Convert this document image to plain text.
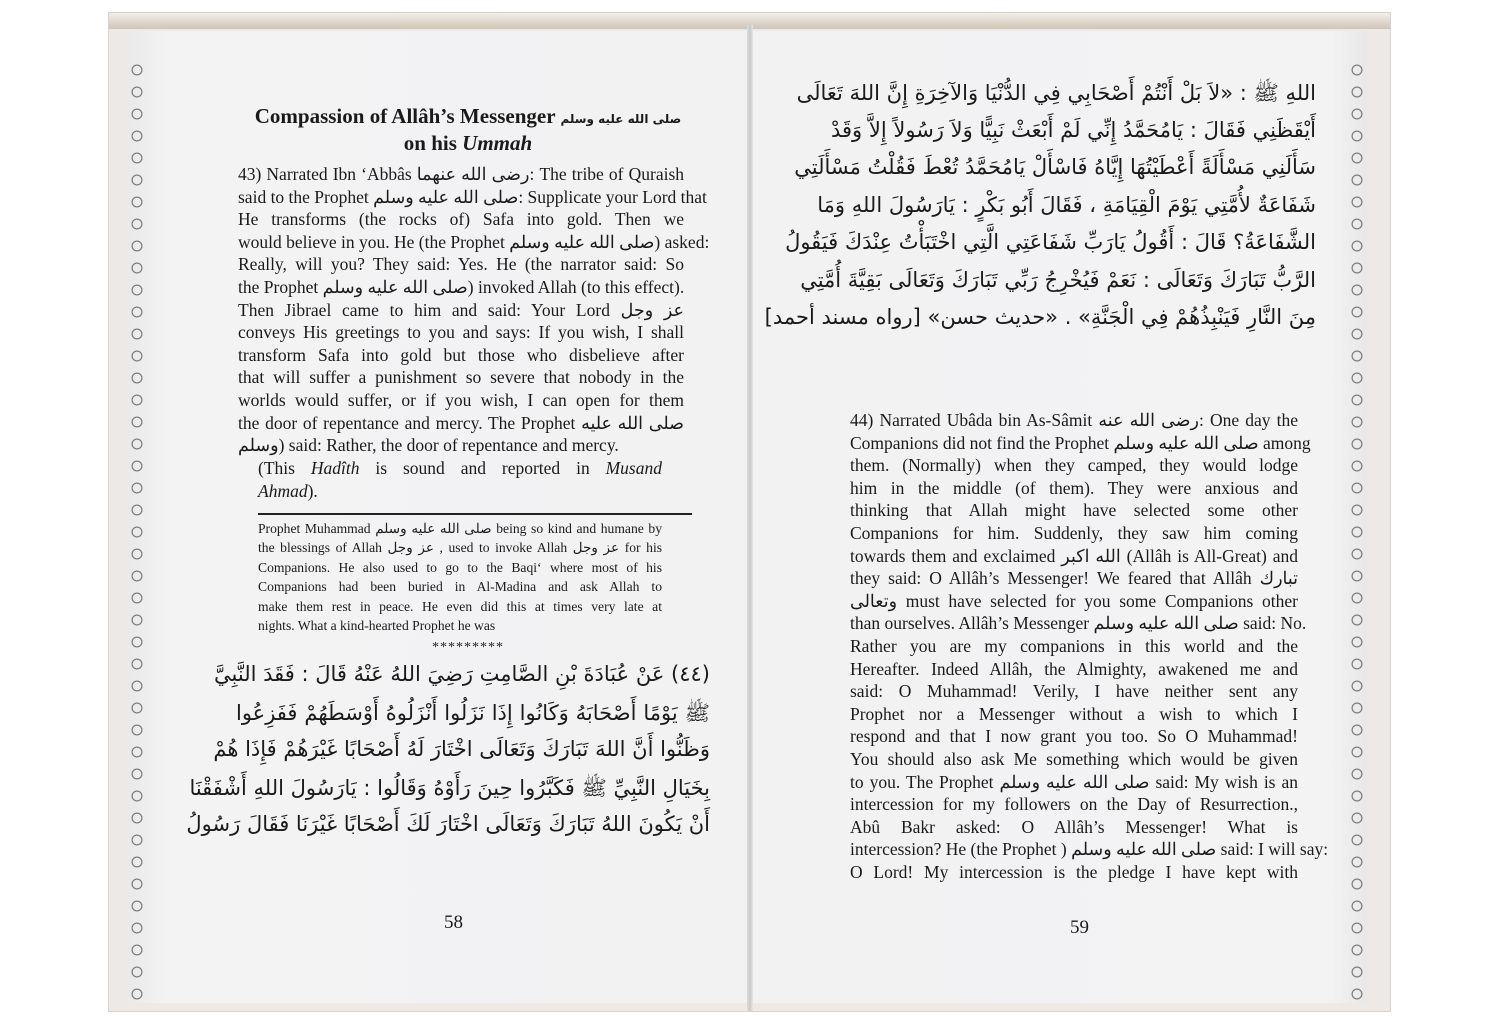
Compassion of Allâh’s Messenger صلى الله عليه وسلم
on his Ummah
43) Narrated Ibn ‘Abbâs رضى الله عنهما: The tribe of Quraish
said to the Prophet صلى الله عليه وسلم: Supplicate your Lord that
He transforms (the rocks of) Safa into gold. Then we
would believe in you. He (the Prophet صلى الله عليه وسلم) asked:
Really, will you? They said: Yes. He (the narrator said: So
the Prophet صلى الله عليه وسلم) invoked Allah (to this effect).
Then Jibrael came to him and said: Your Lord عز وجل
conveys His greetings to you and says: If you wish, I shall
transform Safa into gold but those who disbelieve after
that will suffer a punishment so severe that nobody in the
worlds would suffer, or if you wish, I can open for them
the door of repentance and mercy. The Prophet صلى الله عليه
وسلم) said: Rather, the door of repentance and mercy.
(This Hadîth is sound and reported in Musand
Ahmad).
Prophet Muhammad صلى الله عليه وسلم being so kind and humane by
the blessings of Allah عز وجل , used to invoke Allah عز وجل for his
Companions. He also used to go to the Baqi‘ where most of his
Companions had been buried in Al-Madina and ask Allah to
make them rest in peace. He even did this at times very late at
nights. What a kind-hearted Prophet he was
*********
(٤٤) عَنْ عُبَادَةَ بْنِ الصَّامِتِ رَضِيَ اللهُ عَنْهُ قَالَ : فَقَدَ النَّبِيَّ
ﷺ يَوْمًا أَصْحَابَهُ وَكَانُوا إِذَا نَزَلُوا أَنْزَلُوهُ أَوْسَطَهُمْ فَفَزِعُوا
وَظَنُّوا أَنَّ اللهَ تَبَارَكَ وَتَعَالَى اخْتَارَ لَهُ أَصْحَابًا غَيْرَهُمْ فَإِذَا هُمْ
بِخَيَالِ النَّبِيِّ ﷺ فَكَبَّرُوا حِينَ رَأَوْهُ وَقَالُوا : يَارَسُولَ اللهِ أَشْفَقْنَا
أَنْ يَكُونَ اللهُ تَبَارَكَ وَتَعَالَى اخْتَارَ لَكَ أَصْحَابًا غَيْرَنَا فَقَالَ رَسُولُ
58
اللهِ ﷺ : «لاَ بَلْ أَنْتُمْ أَصْحَابِي فِي الدُّنْيَا وَالآخِرَةِ إِنَّ اللهَ تَعَالَى
أَيْقَظَنِي فَقَالَ : يَامُحَمَّدُ إِنِّي لَمْ أَبْعَثْ نَبِيًّا وَلاَ رَسُولاً إِلاَّ وَقَدْ
سَأَلَنِي مَسْأَلَةً أَعْطَيْتُهَا إِيَّاهُ فَاسْأَلْ يَامُحَمَّدُ تُعْطَ فَقُلْتُ مَسْأَلَتِي
شَفَاعَةٌ لأُمَّتِي يَوْمَ الْقِيَامَةِ ، فَقَالَ أَبُو بَكْرٍ : يَارَسُولَ اللهِ وَمَا
الشَّفَاعَةُ؟ قَالَ : أَقُولُ يَارَبِّ شَفَاعَتِي الَّتِي اخْتَبَأْتُ عِنْدَكَ فَيَقُولُ
الرَّبُّ تَبَارَكَ وَتَعَالَى : نَعَمْ فَيُخْرِجُ رَبِّي تَبَارَكَ وَتَعَالَى بَقِيَّةَ أُمَّتِي
مِنَ النَّارِ فَيَنْبِذُهُمْ فِي الْجَنَّةِ» . «حديث حسن» [رواه مسند أحمد]
44) Narrated Ubâda bin As-Sâmit رضى الله عنه: One day the
Companions did not find the Prophet صلى الله عليه وسلم among
them. (Normally) when they camped, they would lodge
him in the middle (of them). They were anxious and
thinking that Allah might have selected some other
Companions for him. Suddenly, they saw him coming
towards them and exclaimed الله اكبر (Allâh is All-Great) and
they said: O Allâh’s Messenger! We feared that Allâh تبارك
وتعالى must have selected for you some Companions other
than ourselves. Allâh’s Messenger صلى الله عليه وسلم said: No.
Rather you are my companions in this world and the
Hereafter. Indeed Allâh, the Almighty, awakened me and
said: O Muhammad! Verily, I have neither sent any
Prophet nor a Messenger without a wish to which I
respond and that I now grant you too. So O Muhammad!
You should also ask Me something which would be given
to you. The Prophet صلى الله عليه وسلم said: My wish is an
intercession for my followers on the Day of Resurrection.,
Abû Bakr asked: O Allâh’s Messenger! What is
intercession? He (the Prophet ) صلى الله عليه وسلم said: I will say:
O Lord! My intercession is the pledge I have kept with
59
